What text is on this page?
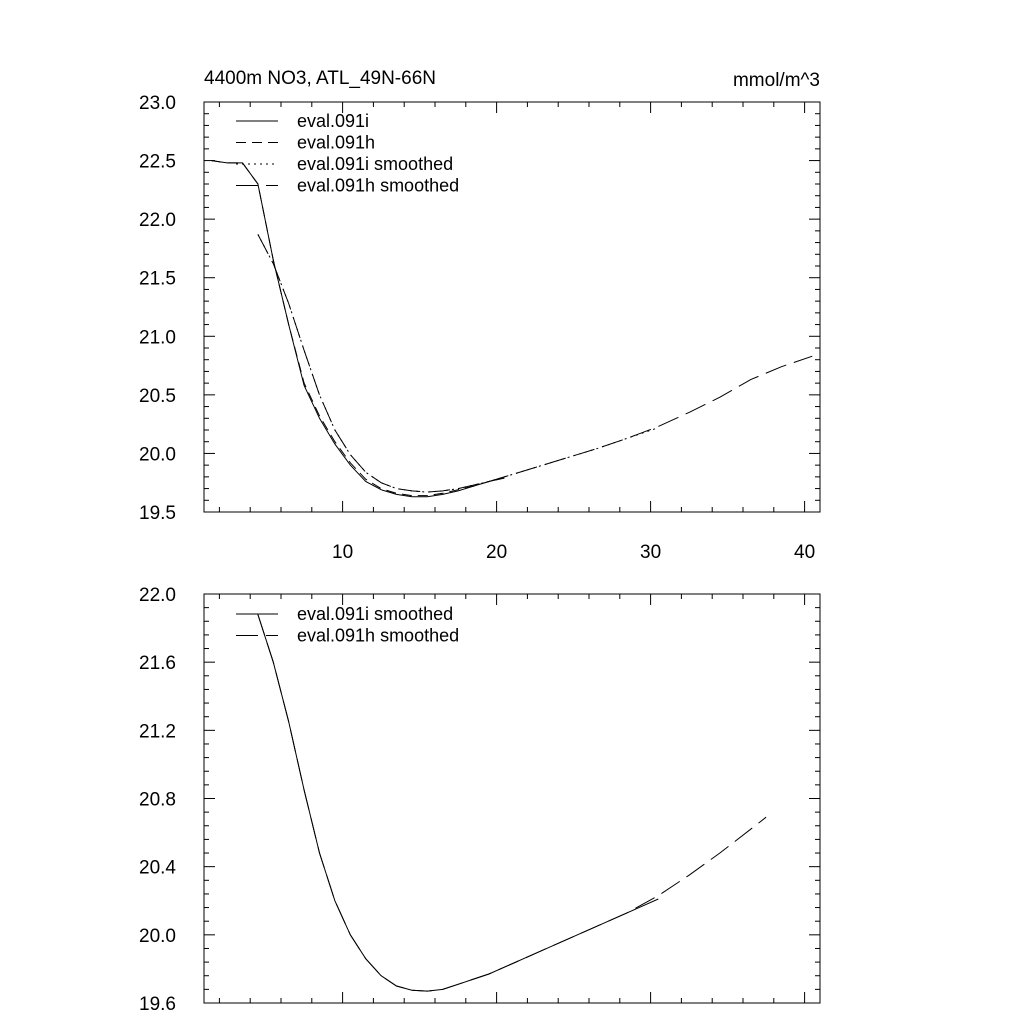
4400m NO3, ATL_49N-66N	mmol/m^3
19.5
20.0
20.5
21.0
21.5
22.0
22.5
23.0
10	20	30	40
eval.091i
eval.091h
eval.091i smoothed
eval.091h smoothed
19.6
20.0
20.4
20.8
21.2
21.6
22.0
eval.091i smoothed
eval.091h smoothed
